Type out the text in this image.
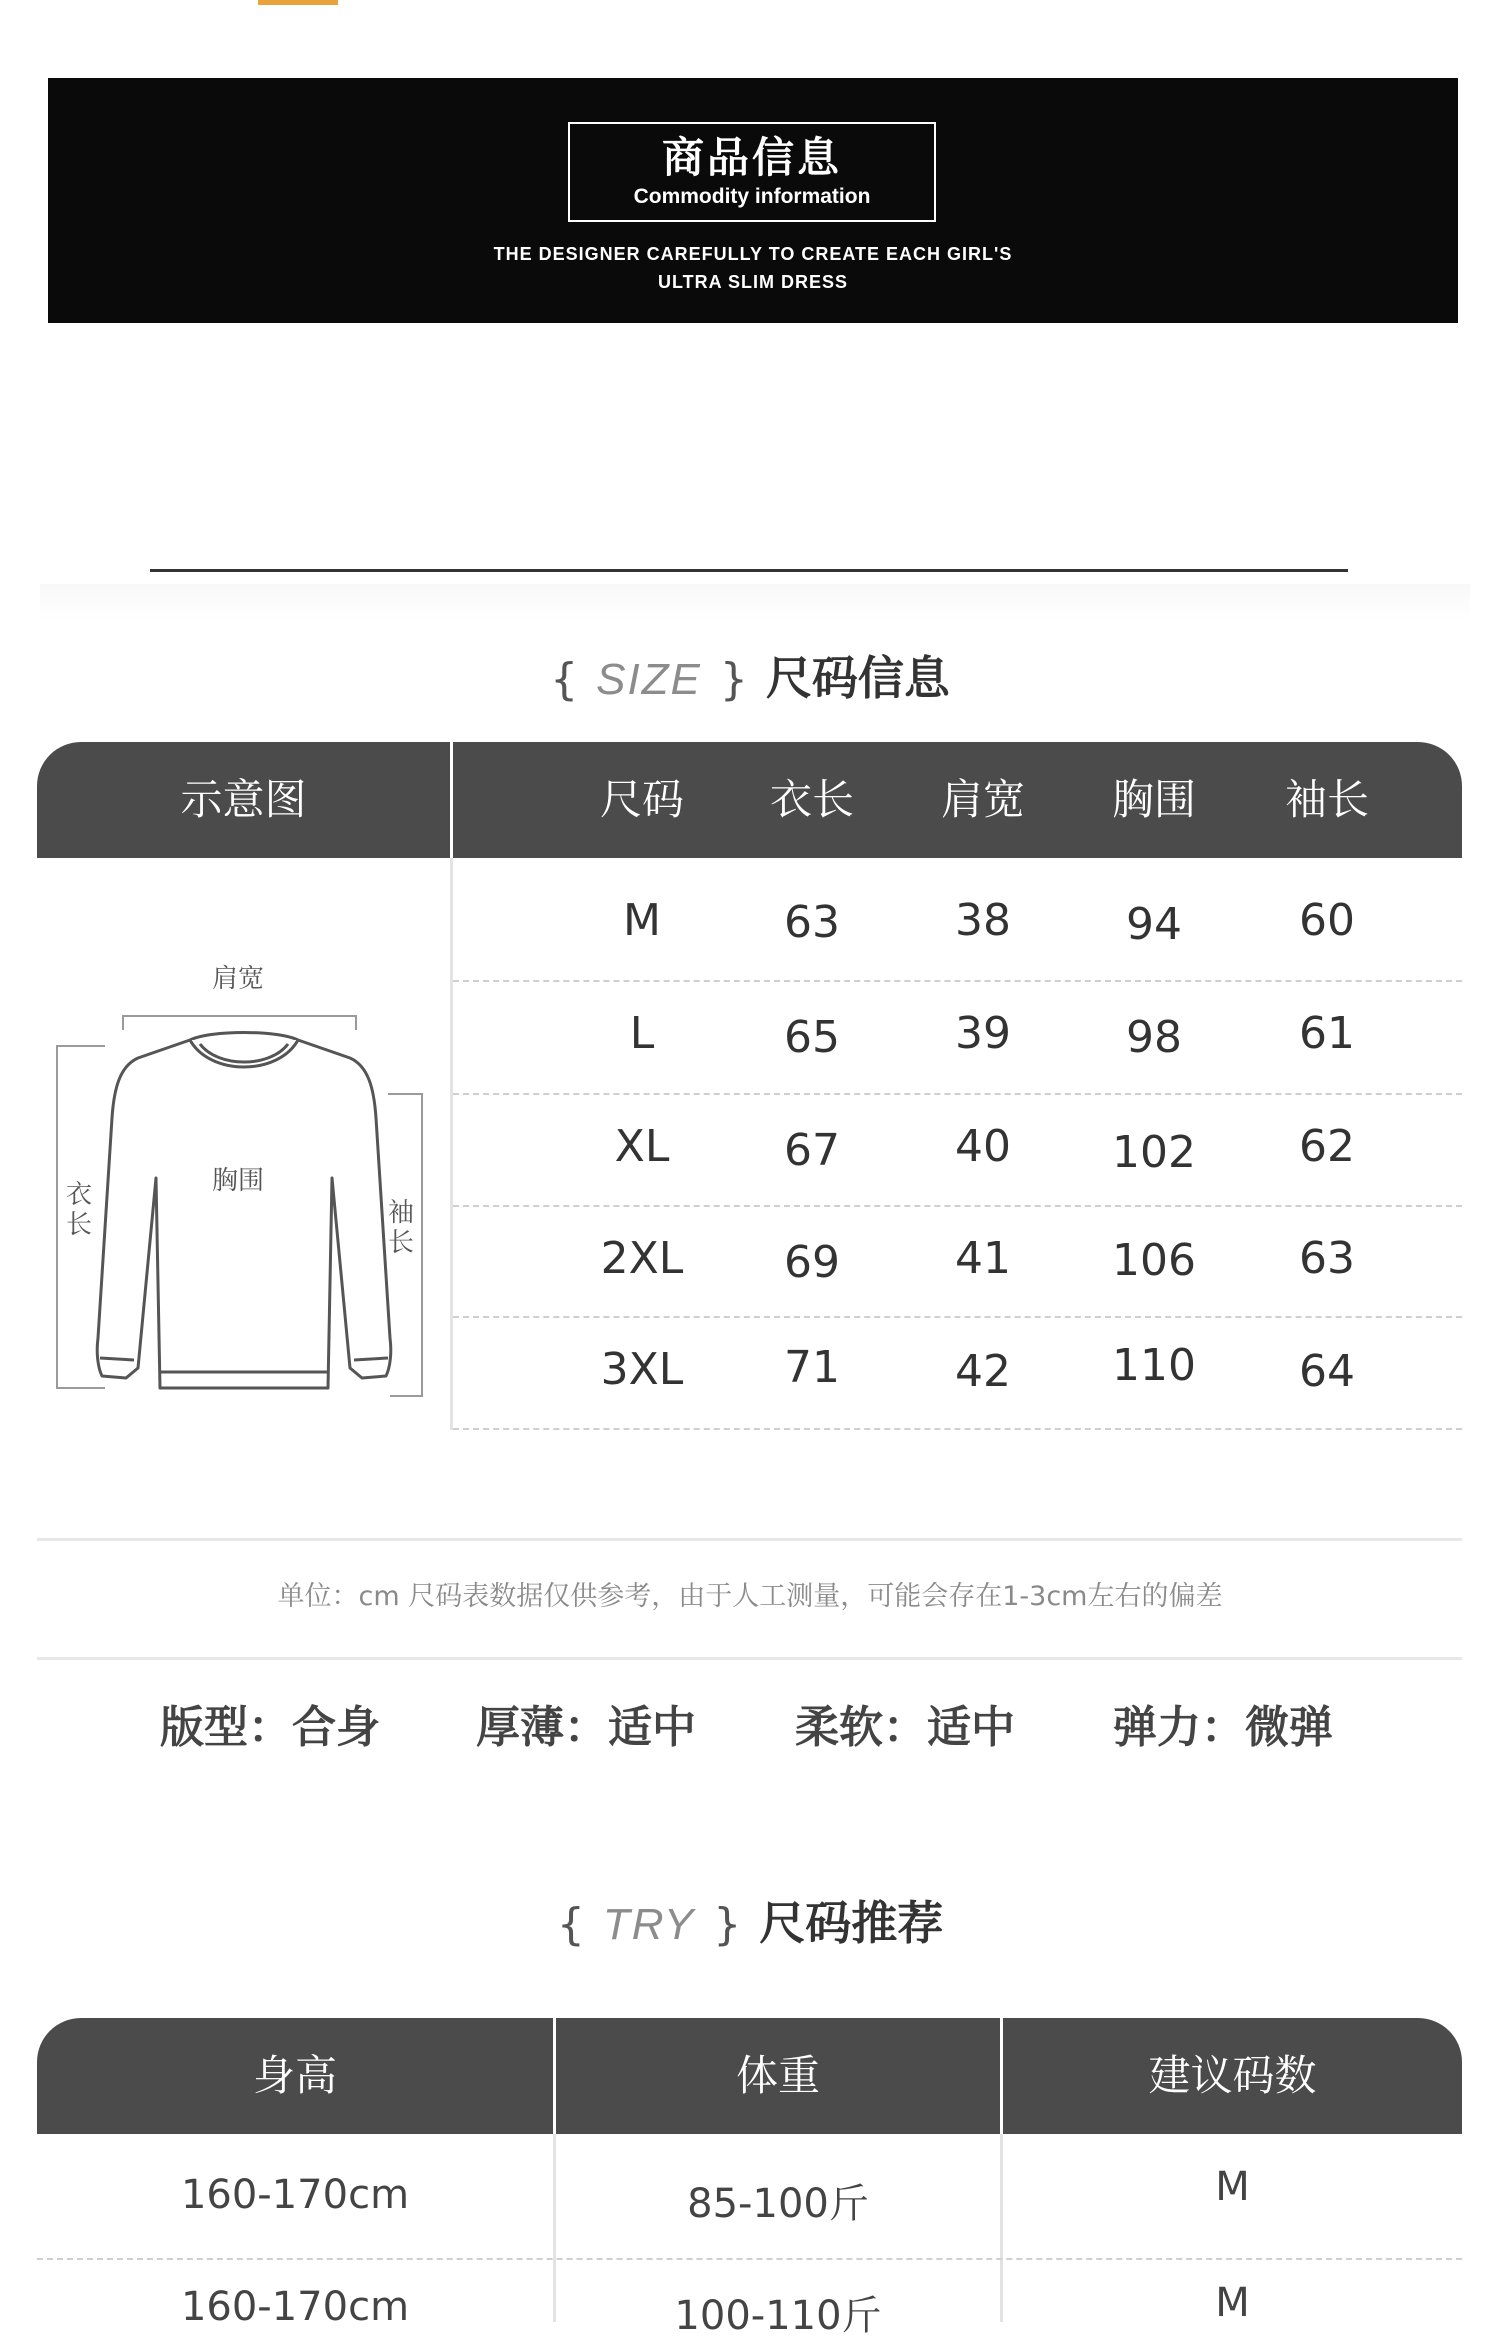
商品信息
Commodity information
THE DESIGNER CAREFULLY TO CREATE EACH GIRL'S
ULTRA SLIM DRESS
{ SIZE } 尺码信息
示意图	尺码	衣长	肩宽	胸围	袖长
肩宽
胸围
衣长	袖长
M	63	38	94	60
L	65	39	98	61
XL	67	40	102	62
2XL	69	41	106	63
3XL	71	42	110	64
单位：cm 尺码表数据仅供参考，由于人工测量，可能会存在1-3cm左右的偏差
版型：合身 厚薄：适中 柔软：适中 弹力：微弹
{ TRY } 尺码推荐
身高	体重	建议码数
160-170cm	85-100斤	M
160-170cm	100-110斤	M
